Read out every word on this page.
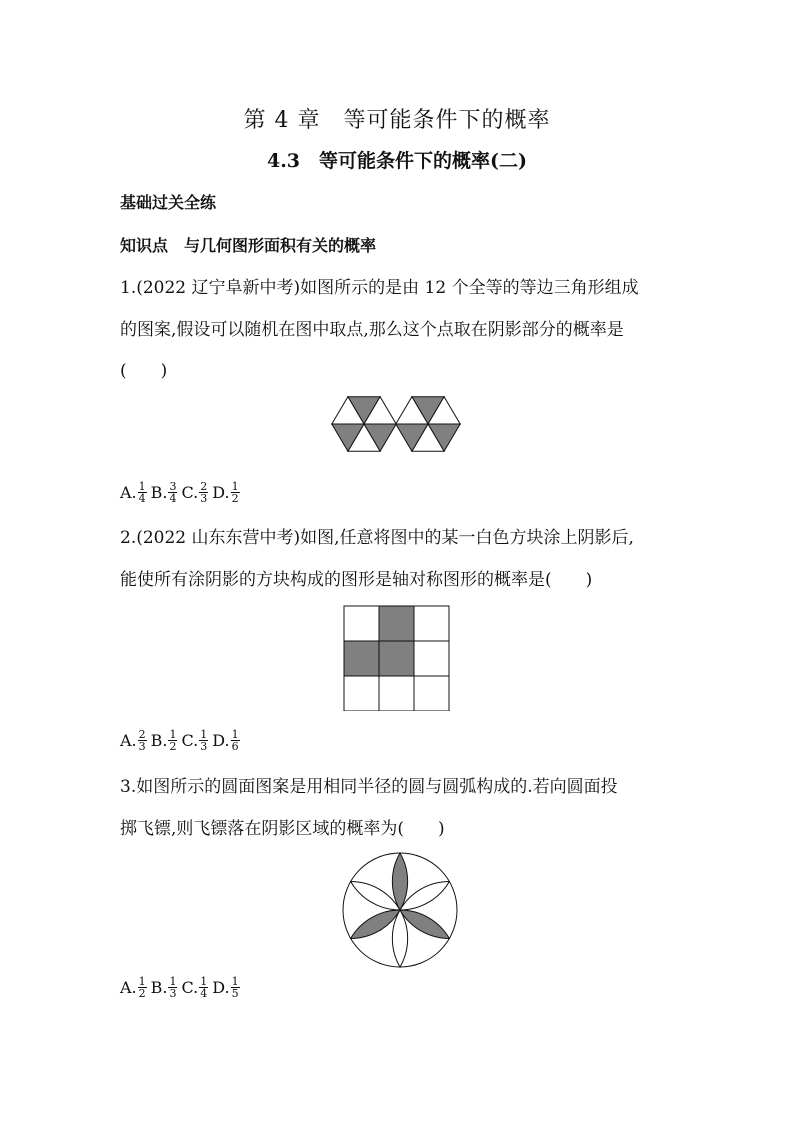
第 4 章　等可能条件下的概率
4.3　等可能条件下的概率(二)
基础过关全练
知识点　与几何图形面积有关的概率
1.(2022 辽宁阜新中考)如图所示的是由 12 个全等的等边三角形组成
的图案,假设可以随机在图中取点,那么这个点取在阴影部分的概率是
(　　)
A. $\frac{1}{4} B$. $\frac{3}{4} C$. $\frac{2}{3} D$. $\frac{1}{2}$
2.(2022 山东东营中考)如图,任意将图中的某一白色方块涂上阴影后,
能使所有涂阴影的方块构成的图形是轴对称图形的概率是(　　)
A. $\frac{2}{3} B$. $\frac{1}{2} C$. $\frac{1}{3} D$. $\frac{1}{6}$
3.如图所示的圆面图案是用相同半径的圆与圆弧构成的.若向圆面投
掷飞镖,则飞镖落在阴影区域的概率为(　　)
A. $\frac{1}{2} B$. $\frac{1}{3} C$. $\frac{1}{4} D$. $\frac{1}{5}$
